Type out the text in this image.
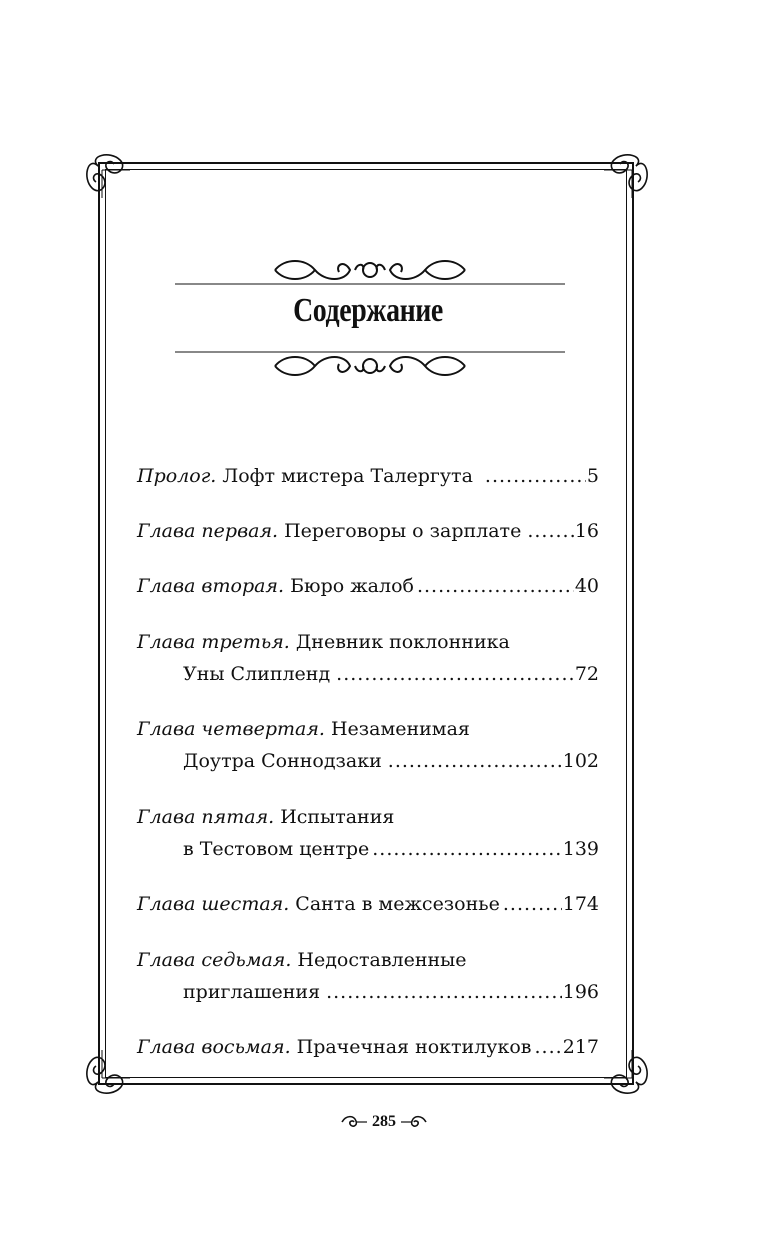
Содержание
Пролог. Лофт мистера Талергута .....	5
Глава первая. Переговоры о зарплате .....	16
Глава вторая. Бюро жалоб .....	40
Глава третья. Дневник поклонника
Уны Слипленд .....	72
Глава четвертая. Незаменимая
Доутра Соннодзаки .....	102
Глава пятая. Испытания
в Тестовом центре .....	139
Глава шестая. Санта в межсезонье .....	174
Глава седьмая. Недоставленные
приглашения .....	196
Глава восьмая. Прачечная ноктилуков ..... 217
285
